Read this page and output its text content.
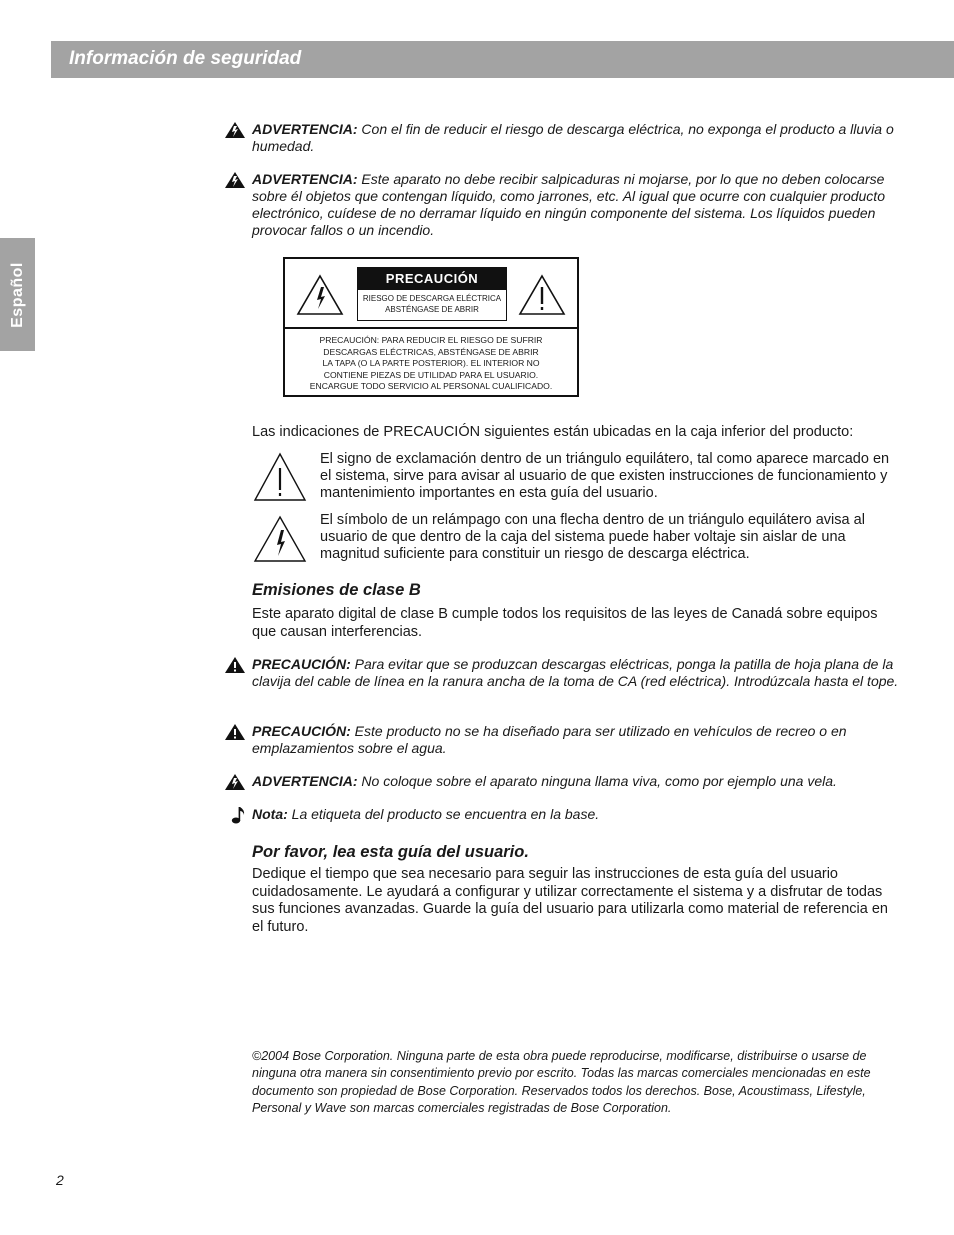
Información de seguridad
Español
ADVERTENCIA: Con el fin de reducir el riesgo de descarga eléctrica, no exponga el producto a lluvia o humedad.
ADVERTENCIA: Este aparato no debe recibir salpicaduras ni mojarse, por lo que no deben colocarse sobre él objetos que contengan líquido, como jarrones, etc. Al igual que ocurre con cualquier producto electrónico, cuídese de no derramar líquido en ningún componente del sistema. Los líquidos pueden provocar fallos o un incendio.
PRECAUCIÓN
RIESGO DE DESCARGA ELÉCTRICA
ABSTÉNGASE DE ABRIR
PRECAUCIÓN: PARA REDUCIR EL RIESGO DE SUFRIR
DESCARGAS ELÉCTRICAS, ABSTÉNGASE DE ABRIR
LA TAPA (O LA PARTE POSTERIOR). EL INTERIOR NO
CONTIENE PIEZAS DE UTILIDAD PARA EL USUARIO.
ENCARGUE TODO SERVICIO AL PERSONAL CUALIFICADO.
Las indicaciones de PRECAUCIÓN siguientes están ubicadas en la caja inferior del producto:
El signo de exclamación dentro de un triángulo equilátero, tal como aparece marcado en el sistema, sirve para avisar al usuario de que existen instrucciones de funcionamiento y mantenimiento importantes en esta guía del usuario.
El símbolo de un relámpago con una flecha dentro de un triángulo equilátero avisa al usuario de que dentro de la caja del sistema puede haber voltaje sin aislar de una magnitud suficiente para constituir un riesgo de descarga eléctrica.
Emisiones de clase B
Este aparato digital de clase B cumple todos los requisitos de las leyes de Canadá sobre equipos que causan interferencias.
PRECAUCIÓN: Para evitar que se produzcan descargas eléctricas, ponga la patilla de hoja plana de la clavija del cable de línea en la ranura ancha de la toma de CA (red eléctrica). Introdúzcala hasta el tope.
PRECAUCIÓN: Este producto no se ha diseñado para ser utilizado en vehículos de recreo o en emplazamientos sobre el agua.
ADVERTENCIA: No coloque sobre el aparato ninguna llama viva, como por ejemplo una vela.
Nota: La etiqueta del producto se encuentra en la base.
Por favor, lea esta guía del usuario.
Dedique el tiempo que sea necesario para seguir las instrucciones de esta guía del usuario cuidadosamente. Le ayudará a configurar y utilizar correctamente el sistema y a disfrutar de todas sus funciones avanzadas. Guarde la guía del usuario para utilizarla como material de referencia en el futuro.
©2004 Bose Corporation. Ninguna parte de esta obra puede reproducirse, modificarse, distribuirse o usarse de ninguna otra manera sin consentimiento previo por escrito. Todas las marcas comerciales mencionadas en este documento son propiedad de Bose Corporation. Reservados todos los derechos. Bose, Acoustimass, Lifestyle, Personal y Wave son marcas comerciales registradas de Bose Corporation.
2
